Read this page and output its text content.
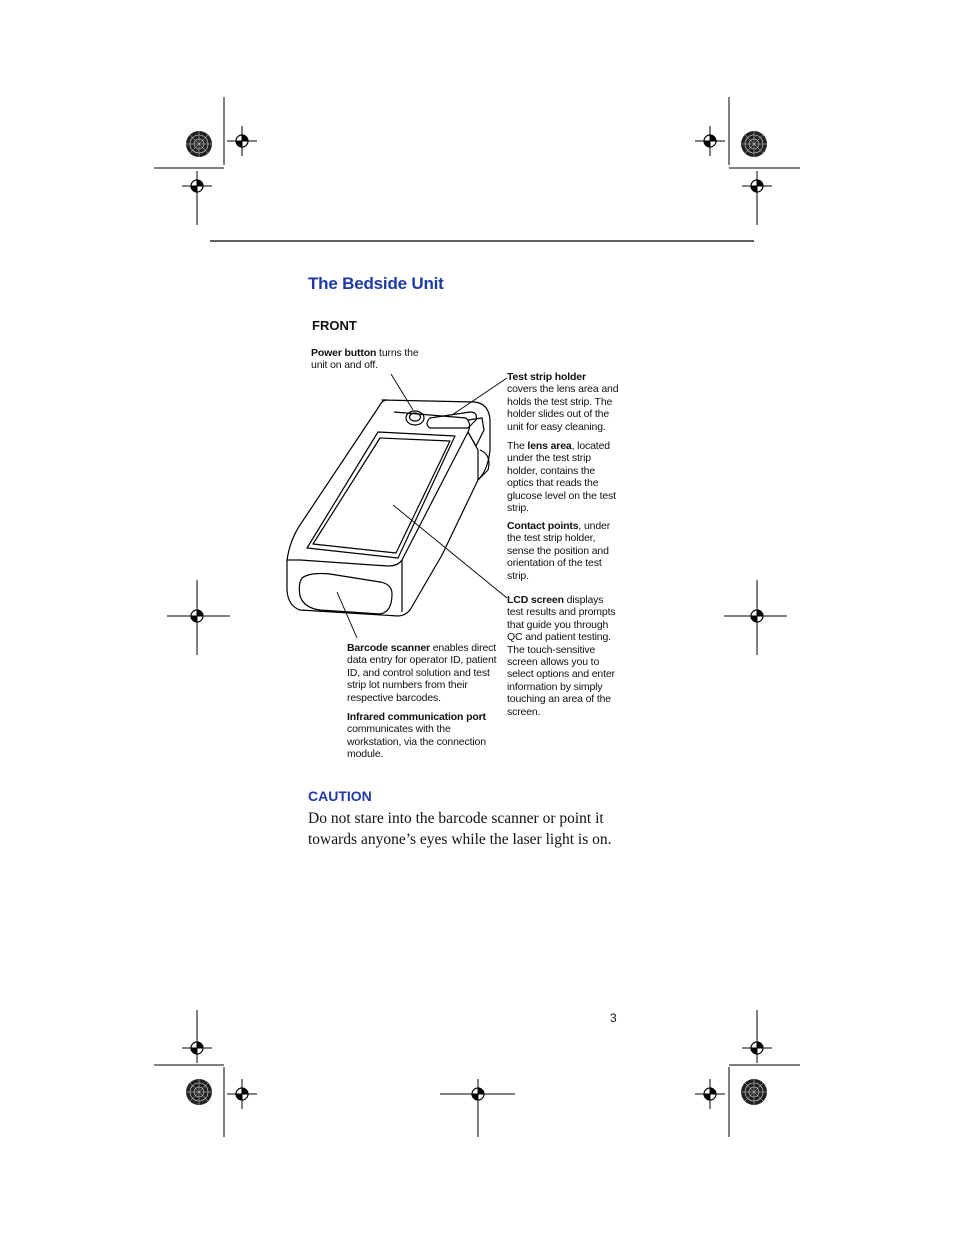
The Bedside Unit
FRONT
Power button turns the unit on and off.
Test strip holder
covers the lens area and holds the test strip. The holder slides out of the unit for easy cleaning.
The lens area, located under the test strip holder, contains the optics that reads the glucose level on the test strip.
Contact points, under the test strip holder, sense the position and orientation of the test strip.
LCD screen displays test results and prompts that guide you through QC and patient testing. The touch-sensitive screen allows you to select options and enter information by simply touching an area of the screen.
Barcode scanner enables direct data entry for operator ID, patient ID, and control solution and test strip lot numbers from their respective barcodes.
Infrared communication port communicates with the workstation, via the connection module.
CAUTION
Do not stare into the barcode scanner or point it towards anyone’s eyes while the laser light is on.
3
